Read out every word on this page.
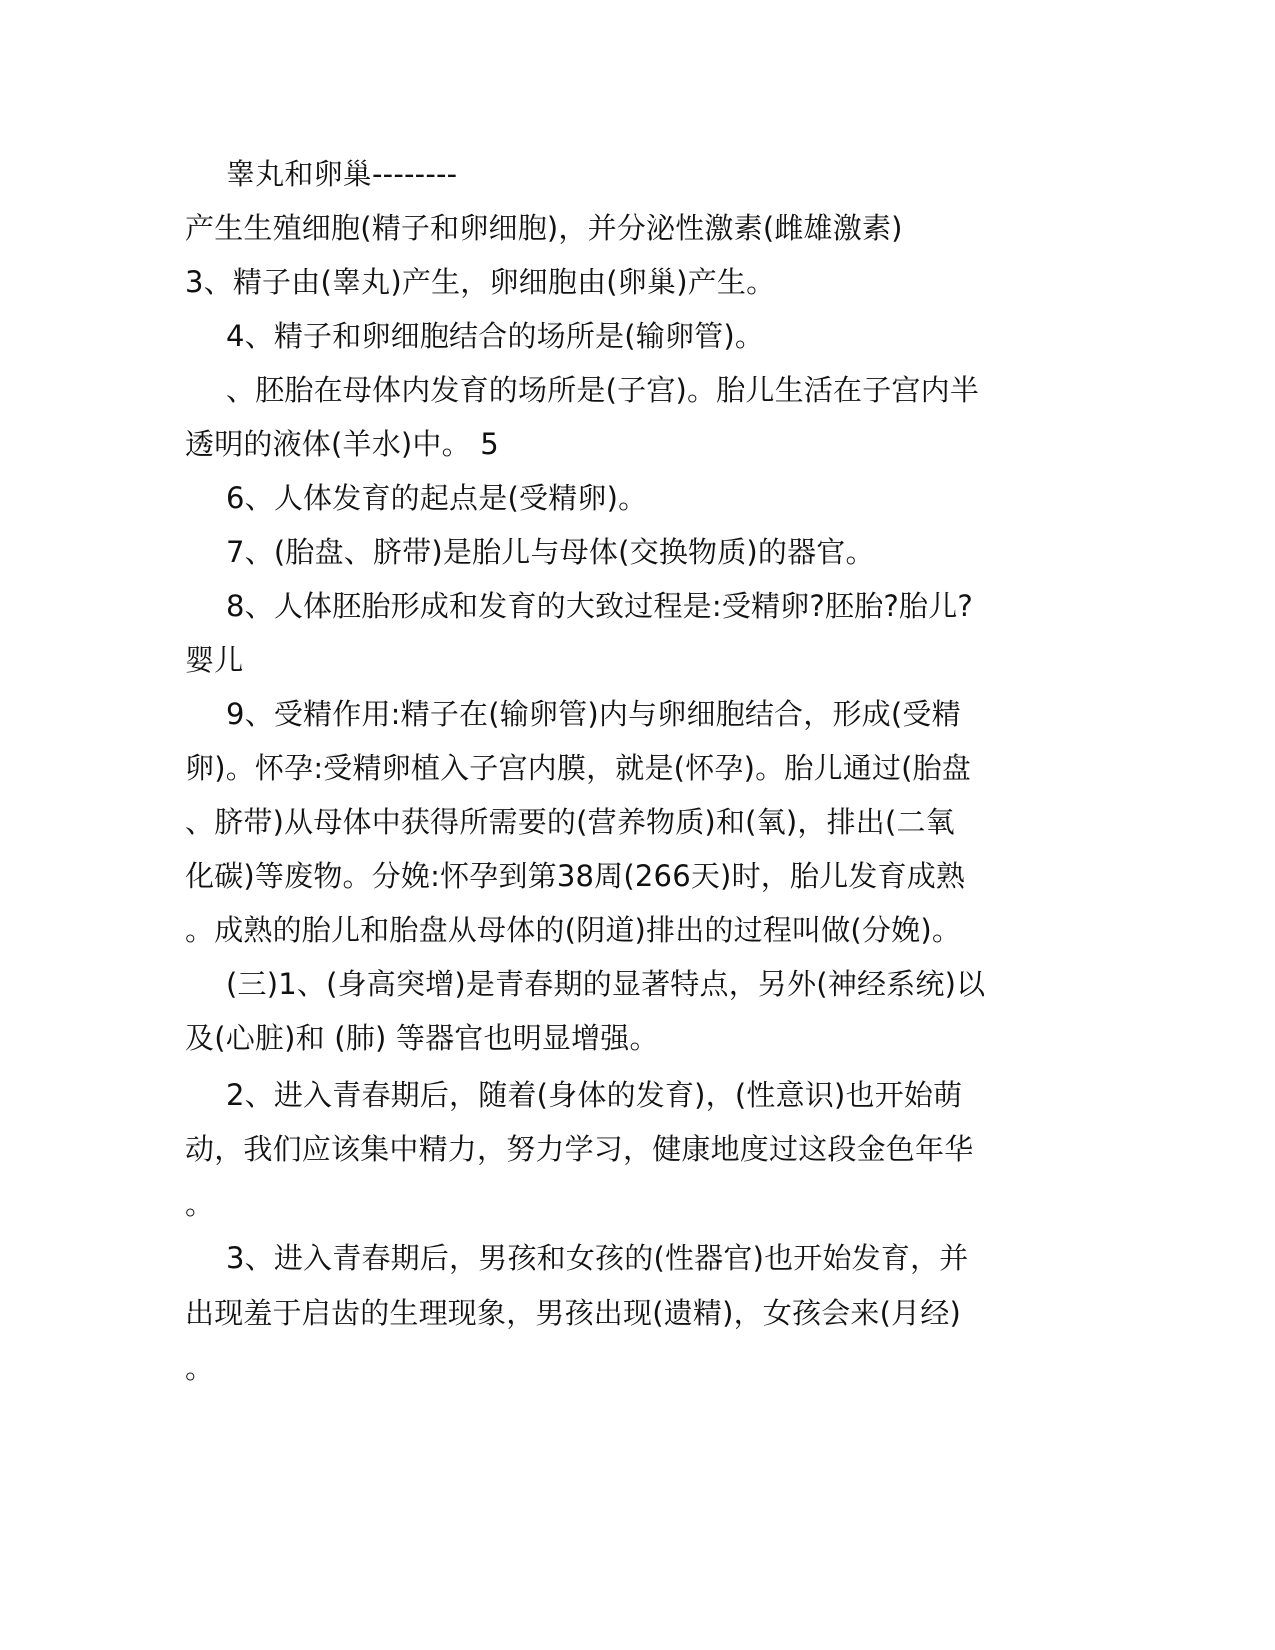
睾丸和卵巢--------
产生生殖细胞(精子和卵细胞)，并分泌性激素(雌雄激素)
3、精子由(睾丸)产生，卵细胞由(卵巢)产生。
4、精子和卵细胞结合的场所是(输卵管)。
、胚胎在母体内发育的场所是(子宫)。胎儿生活在子宫内半
透明的液体(羊水)中。 5
6、人体发育的起点是(受精卵)。
7、(胎盘、脐带)是胎儿与母体(交换物质)的器官。
8、人体胚胎形成和发育的大致过程是:受精卵?胚胎?胎儿?
婴儿
9、受精作用:精子在(输卵管)内与卵细胞结合，形成(受精
卵)。怀孕:受精卵植入子宫内膜，就是(怀孕)。胎儿通过(胎盘
、脐带)从母体中获得所需要的(营养物质)和(氧)，排出(二氧
化碳)等废物。分娩:怀孕到第38周(266天)时，胎儿发育成熟
。成熟的胎儿和胎盘从母体的(阴道)排出的过程叫做(分娩)。
(三)1、(身高突增)是青春期的显著特点，另外(神经系统)以
及(心脏)和 (肺) 等器官也明显增强。
2、进入青春期后，随着(身体的发育)，(性意识)也开始萌
动，我们应该集中精力，努力学习，健康地度过这段金色年华
。
3、进入青春期后，男孩和女孩的(性器官)也开始发育，并
出现羞于启齿的生理现象，男孩出现(遗精)，女孩会来(月经)
。
